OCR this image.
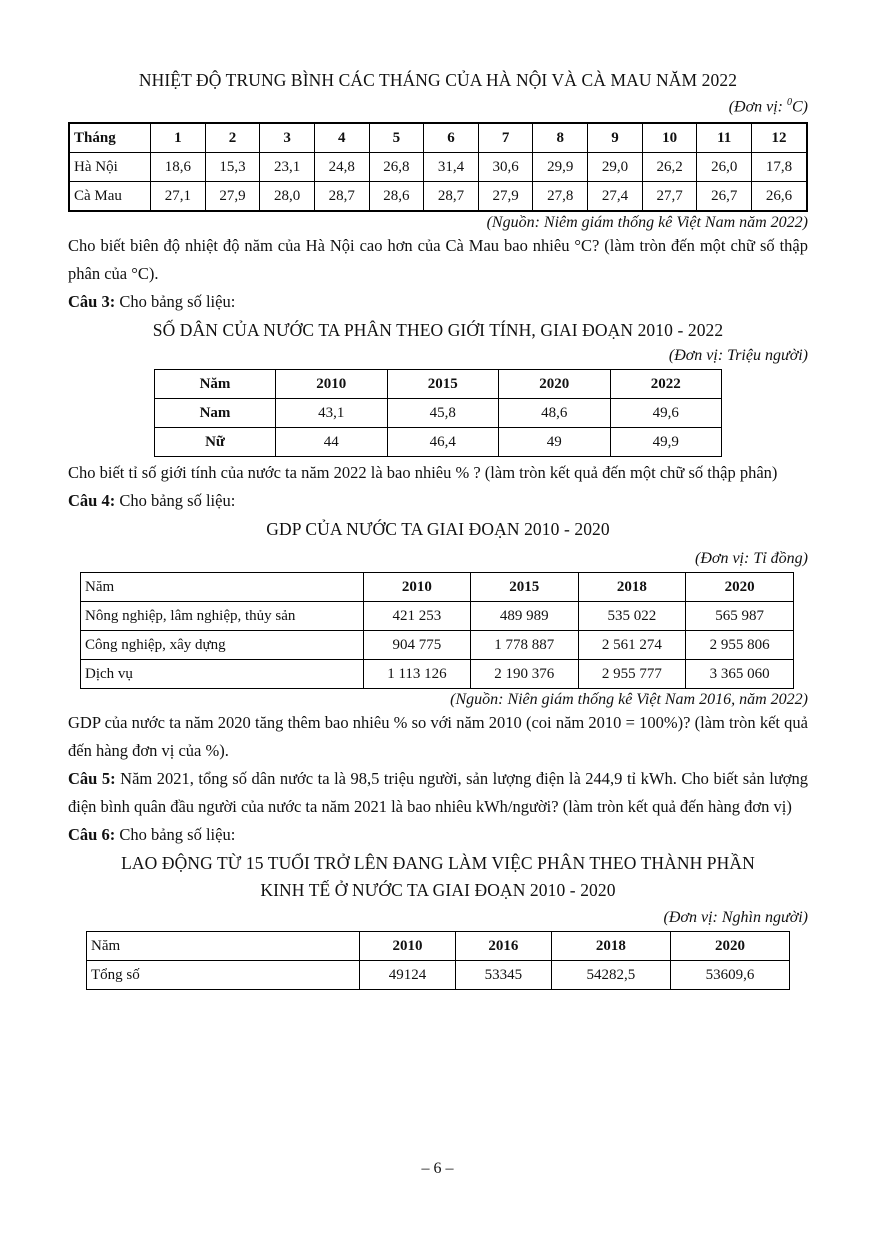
NHIỆT ĐỘ TRUNG BÌNH CÁC THÁNG CỦA HÀ NỘI VÀ CÀ MAU NĂM 2022
(Đơn vị: $^0$C)
Tháng	1	2	3	4	5	6	7	8	9	10	11	12
Hà Nội	18,6	15,3	23,1	24,8	26,8	31,4	30,6	29,9	29,0	26,2	26,0	17,8
Cà Mau	27,1	27,9	28,0	28,7	28,6	28,7	27,9	27,8	27,4	27,7	26,7	26,6
(Nguồn: Niêm giám thống kê Việt Nam năm 2022)
Cho biết biên độ nhiệt độ năm của Hà Nội cao hơn của Cà Mau bao nhiêu °C? (làm tròn đến một chữ số thập phân của °C).
Câu 3: Cho bảng số liệu:
SỐ DÂN CỦA NƯỚC TA PHÂN THEO GIỚI TÍNH, GIAI ĐOẠN 2010 - 2022
(Đơn vị: Triệu người)
Năm	2010	2015	2020	2022
Nam	43,1	45,8	48,6	49,6
Nữ	44	46,4	49	49,9
Cho biết tỉ số giới tính của nước ta năm 2022 là bao nhiêu % ? (làm tròn kết quả đến một chữ số thập phân)
Câu 4: Cho bảng số liệu:
GDP CỦA NƯỚC TA GIAI ĐOẠN 2010 - 2020
(Đơn vị: Tỉ đồng)
Năm	2010	2015	2018	2020
Nông nghiệp, lâm nghiệp, thủy sản	421 253	489 989	535 022	565 987
Công nghiệp, xây dựng	904 775	1 778 887	2 561 274	2 955 806
Dịch vụ	1 113 126	2 190 376	2 955 777	3 365 060
(Nguồn: Niên giám thống kê Việt Nam 2016, năm 2022)
GDP của nước ta năm 2020 tăng thêm bao nhiêu % so với năm 2010 (coi năm 2010 = 100%)? (làm tròn kết quả đến hàng đơn vị của %).
Câu 5: Năm 2021, tổng số dân nước ta là 98,5 triệu người, sản lượng điện là 244,9 tỉ kWh. Cho biết sản lượng điện bình quân đầu người của nước ta năm 2021 là bao nhiêu kWh/người? (làm tròn kết quả đến hàng đơn vị)
Câu 6: Cho bảng số liệu:
LAO ĐỘNG TỪ 15 TUỔI TRỞ LÊN ĐANG LÀM VIỆC PHÂN THEO THÀNH PHẦN
KINH TẾ Ở NƯỚC TA GIAI ĐOẠN 2010 - 2020
(Đơn vị: Nghìn người)
Năm	2010	2016	2018	2020
Tổng số	49124	53345	54282,5	53609,6
– 6 –
